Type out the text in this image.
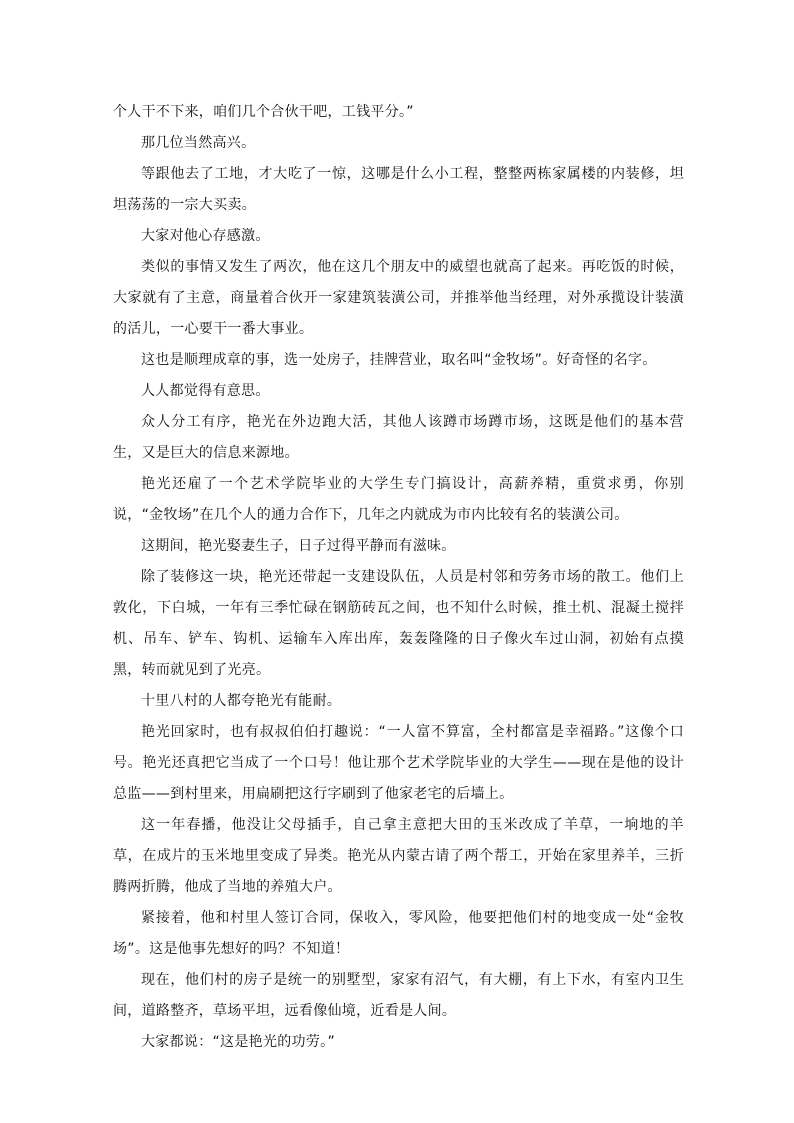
个人干不下来，咱们几个合伙干吧，工钱平分。”

那几位当然高兴。

等跟他去了工地，才大吃了一惊，这哪是什么小工程，整整两栋家属楼的内装修，坦坦荡荡的一宗大买卖。

大家对他心存感激。

类似的事情又发生了两次，他在这几个朋友中的威望也就高了起来。再吃饭的时候，大家就有了主意，商量着合伙开一家建筑装潢公司，并推举他当经理，对外承揽设计装潢的活儿，一心要干一番大事业。

这也是顺理成章的事，选一处房子，挂牌营业，取名叫“金牧场”。好奇怪的名字。

人人都觉得有意思。

众人分工有序，艳光在外边跑大活，其他人该蹲市场蹲市场，这既是他们的基本营生，又是巨大的信息来源地。

艳光还雇了一个艺术学院毕业的大学生专门搞设计，高薪养精，重赏求勇，你别说，“金牧场”在几个人的通力合作下，几年之内就成为市内比较有名的装潢公司。

这期间，艳光娶妻生子，日子过得平静而有滋味。

除了装修这一块，艳光还带起一支建设队伍，人员是村邻和劳务市场的散工。他们上敦化，下白城，一年有三季忙碌在钢筋砖瓦之间，也不知什么时候，推土机、混凝土搅拌机、吊车、铲车、钩机、运输车入库出库，轰轰隆隆的日子像火车过山洞，初始有点摸黑，转而就见到了光亮。

十里八村的人都夸艳光有能耐。

艳光回家时，也有叔叔伯伯打趣说：“一人富不算富，全村都富是幸福路。”这像个口号。艳光还真把它当成了一个口号！他让那个艺术学院毕业的大学生——现在是他的设计总监——到村里来，用扁刷把这行字刷到了他家老宅的后墙上。

这一年春播，他没让父母插手，自己拿主意把大田的玉米改成了羊草，一垧地的羊草，在成片的玉米地里变成了异类。艳光从内蒙古请了两个帮工，开始在家里养羊，三折腾两折腾，他成了当地的养殖大户。

紧接着，他和村里人签订合同，保收入，零风险，他要把他们村的地变成一处“金牧场”。这是他事先想好的吗？不知道！

现在，他们村的房子是统一的别墅型，家家有沼气，有大棚，有上下水，有室内卫生间，道路整齐，草场平坦，远看像仙境，近看是人间。

大家都说：“这是艳光的功劳。”
